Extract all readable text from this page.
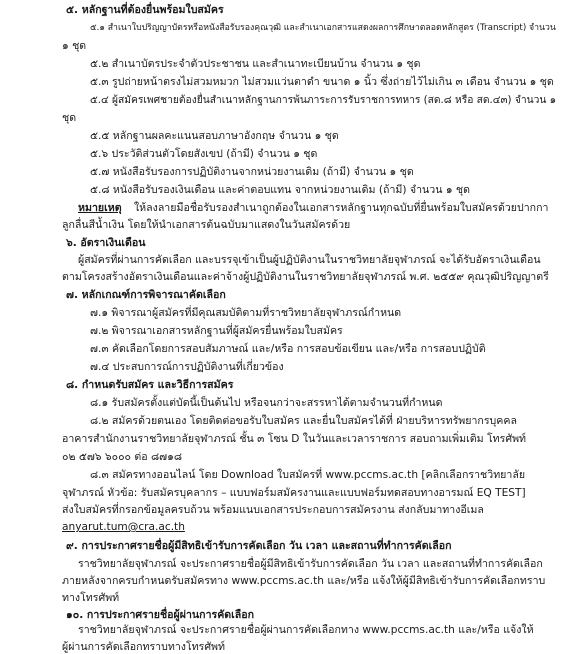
๕. หลักฐานที่ต้องยื่นพร้อมใบสมัคร
๕.๑ สำเนาใบปริญญาบัตรหรือหนังสือรับรองคุณวุฒิ และสำเนาเอกสารแสดงผลการศึกษาตลอดหลักสูตร (Transcript) จำนวน
๑ ชุด
๕.๒ สำเนาบัตรประจำตัวประชาชน และสำเนาทะเบียนบ้าน จำนวน ๑ ชุด
๕.๓ รูปถ่ายหน้าตรงไม่สวมหมวก ไม่สวมแว่นตาดำ ขนาด ๑ นิ้ว ซึ่งถ่ายไว้ไม่เกิน ๓ เดือน จำนวน ๑ ชุด
๕.๔ ผู้สมัครเพศชายต้องยื่นสำเนาหลักฐานการพ้นภาระการรับราชการทหาร (สด.๘ หรือ สด.๔๓) จำนวน ๑
ชุด
๕.๕ หลักฐานผลคะแนนสอบภาษาอังกฤษ จำนวน ๑ ชุด
๕.๖ ประวัติส่วนตัวโดยสังเขป (ถ้ามี) จำนวน ๑ ชุด
๕.๗ หนังสือรับรองการปฏิบัติงานจากหน่วยงานเดิม (ถ้ามี) จำนวน ๑ ชุด
๕.๘ หนังสือรับรองเงินเดือน และค่าตอบแทน จากหน่วยงานเดิม (ถ้ามี) จำนวน ๑ ชุด
หมายเหตุ ให้ลงลายมือชื่อรับรองสำเนาถูกต้องในเอกสารหลักฐานทุกฉบับที่ยื่นพร้อมใบสมัครด้วยปากกา
ลูกลื่นสีน้ำเงิน โดยให้นำเอกสารต้นฉบับมาแสดงในวันสมัครด้วย
๖. อัตราเงินเดือน
ผู้สมัครที่ผ่านการคัดเลือก และบรรจุเข้าเป็นผู้ปฏิบัติงานในราชวิทยาลัยจุฬาภรณ์ จะได้รับอัตราเงินเดือน
ตามโครงสร้างอัตราเงินเดือนและค่าจ้างผู้ปฏิบัติงานในราชวิทยาลัยจุฬาภรณ์ พ.ศ. ๒๕๕๙ คุณวุฒิปริญญาตรี
๗. หลักเกณฑ์การพิจารณาคัดเลือก
๗.๑ พิจารณาผู้สมัครที่มีคุณสมบัติตามที่ราชวิทยาลัยจุฬาภรณ์กำหนด
๗.๒ พิจารณาเอกสารหลักฐานที่ผู้สมัครยื่นพร้อมใบสมัคร
๗.๓ คัดเลือกโดยการสอบสัมภาษณ์ และ/หรือ การสอบข้อเขียน และ/หรือ การสอบปฏิบัติ
๗.๔ ประสบการณ์การปฏิบัติงานที่เกี่ยวข้อง
๘. กำหนดรับสมัคร และวิธีการสมัคร
๘.๑ รับสมัครตั้งแต่บัดนี้เป็นต้นไป หรือจนกว่าจะสรรหาได้ตามจำนวนที่กำหนด
๘.๒ สมัครด้วยตนเอง โดยติดต่อขอรับใบสมัคร และยื่นใบสมัครได้ที่ ฝ่ายบริหารทรัพยากรบุคคล
อาคารสำนักงานราชวิทยาลัยจุฬาภรณ์ ชั้น ๓ โซน D ในวันและเวลาราชการ สอบถามเพิ่มเติม โทรศัพท์
๐๒ ๕๗๖ ๖๐๐๐ ต่อ ๘๗๑๘
๘.๓ สมัครทางออนไลน์ โดย Download ใบสมัครที่ www.pccms.ac.th [คลิกเลือกราชวิทยาลัย
จุฬาภรณ์ หัวข้อ: รับสมัครบุคลากร – แบบฟอร์มสมัครงานและแบบฟอร์มทดสอบทางอารมณ์ EQ TEST]
ส่งใบสมัครที่กรอกข้อมูลครบถ้วน พร้อมแนบเอกสารประกอบการสมัครงาน ส่งกลับมาทางอีเมล
anyarut.tum@cra.ac.th
๙. การประกาศรายชื่อผู้มีสิทธิเข้ารับการคัดเลือก วัน เวลา และสถานที่ทำการคัดเลือก
ราชวิทยาลัยจุฬาภรณ์ จะประกาศรายชื่อผู้มีสิทธิเข้ารับการคัดเลือก วัน เวลา และสถานที่ทำการคัดเลือก
ภายหลังจากครบกำหนดรับสมัครทาง www.pccms.ac.th และ/หรือ แจ้งให้ผู้มีสิทธิเข้ารับการคัดเลือกทราบ
ทางโทรศัพท์
๑๐. การประกาศรายชื่อผู้ผ่านการคัดเลือก
ราชวิทยาลัยจุฬาภรณ์ จะประกาศรายชื่อผู้ผ่านการคัดเลือกทาง www.pccms.ac.th และ/หรือ แจ้งให้
ผู้ผ่านการคัดเลือกทราบทางโทรศัพท์
